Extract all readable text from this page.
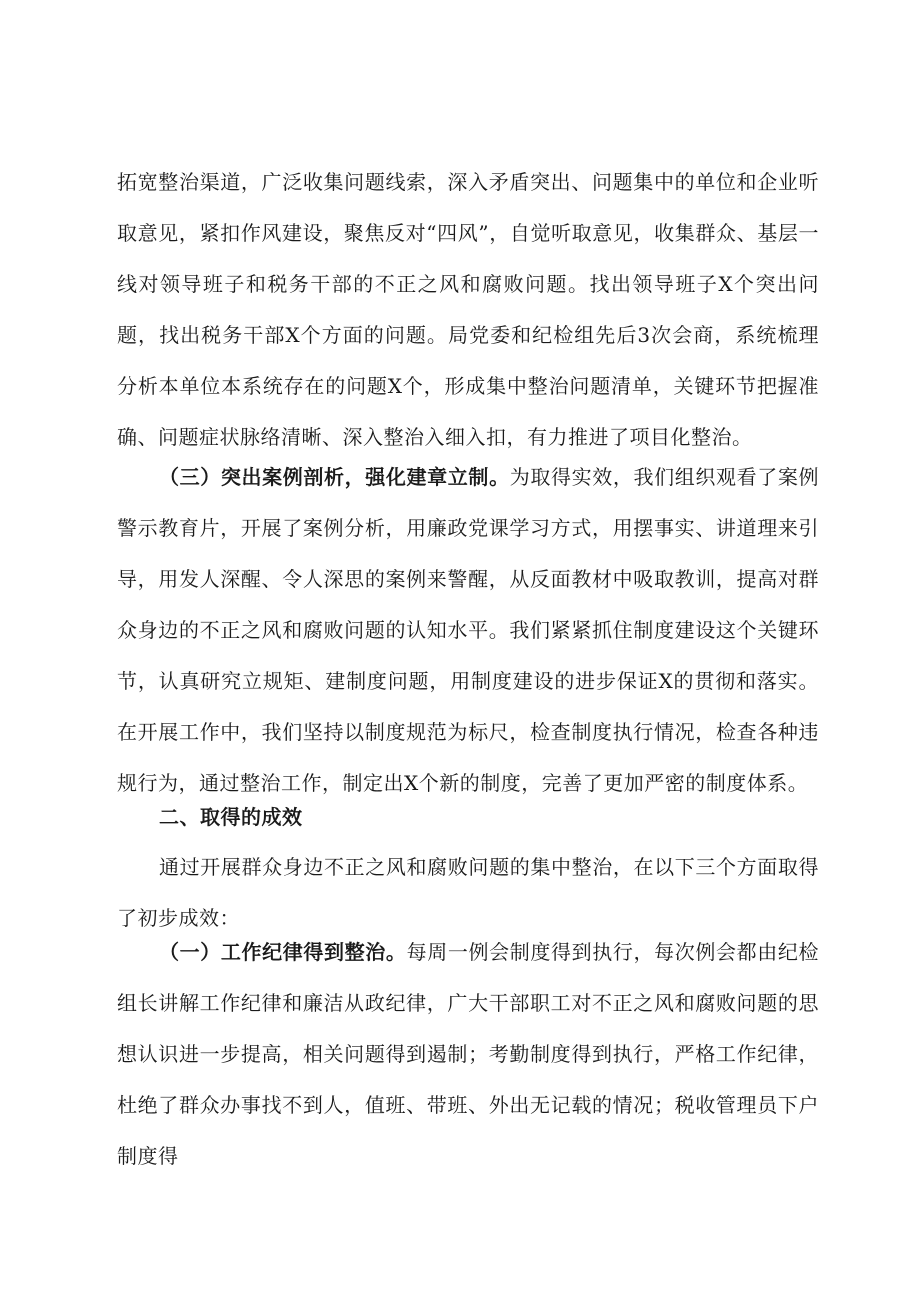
拓宽整治渠道，广泛收集问题线索，深入矛盾突出、问题集中的单位和企业听取意见，紧扣作风建设，聚焦反对“四风”，自觉听取意见，收集群众、基层一线对领导班子和税务干部的不正之风和腐败问题。找出领导班子X个突出问题，找出税务干部X个方面的问题。局党委和纪检组先后3次会商，系统梳理分析本单位本系统存在的问题X个，形成集中整治问题清单，关键环节把握准确、问题症状脉络清晰、深入整治入细入扣，有力推进了项目化整治。

（三）突出案例剖析，强化建章立制。为取得实效，我们组织观看了案例警示教育片，开展了案例分析，用廉政党课学习方式，用摆事实、讲道理来引导，用发人深醒、令人深思的案例来警醒，从反面教材中吸取教训，提高对群众身边的不正之风和腐败问题的认知水平。我们紧紧抓住制度建设这个关键环节，认真研究立规矩、建制度问题，用制度建设的进步保证X的贯彻和落实。在开展工作中，我们坚持以制度规范为标尺，检查制度执行情况，检查各种违规行为，通过整治工作，制定出X个新的制度，完善了更加严密的制度体系。

二、取得的成效

通过开展群众身边不正之风和腐败问题的集中整治，在以下三个方面取得了初步成效：

（一）工作纪律得到整治。每周一例会制度得到执行，每次例会都由纪检组长讲解工作纪律和廉洁从政纪律，广大干部职工对不正之风和腐败问题的思想认识进一步提高，相关问题得到遏制；考勤制度得到执行，严格工作纪律，杜绝了群众办事找不到人，值班、带班、外出无记载的情况；税收管理员下户制度得
